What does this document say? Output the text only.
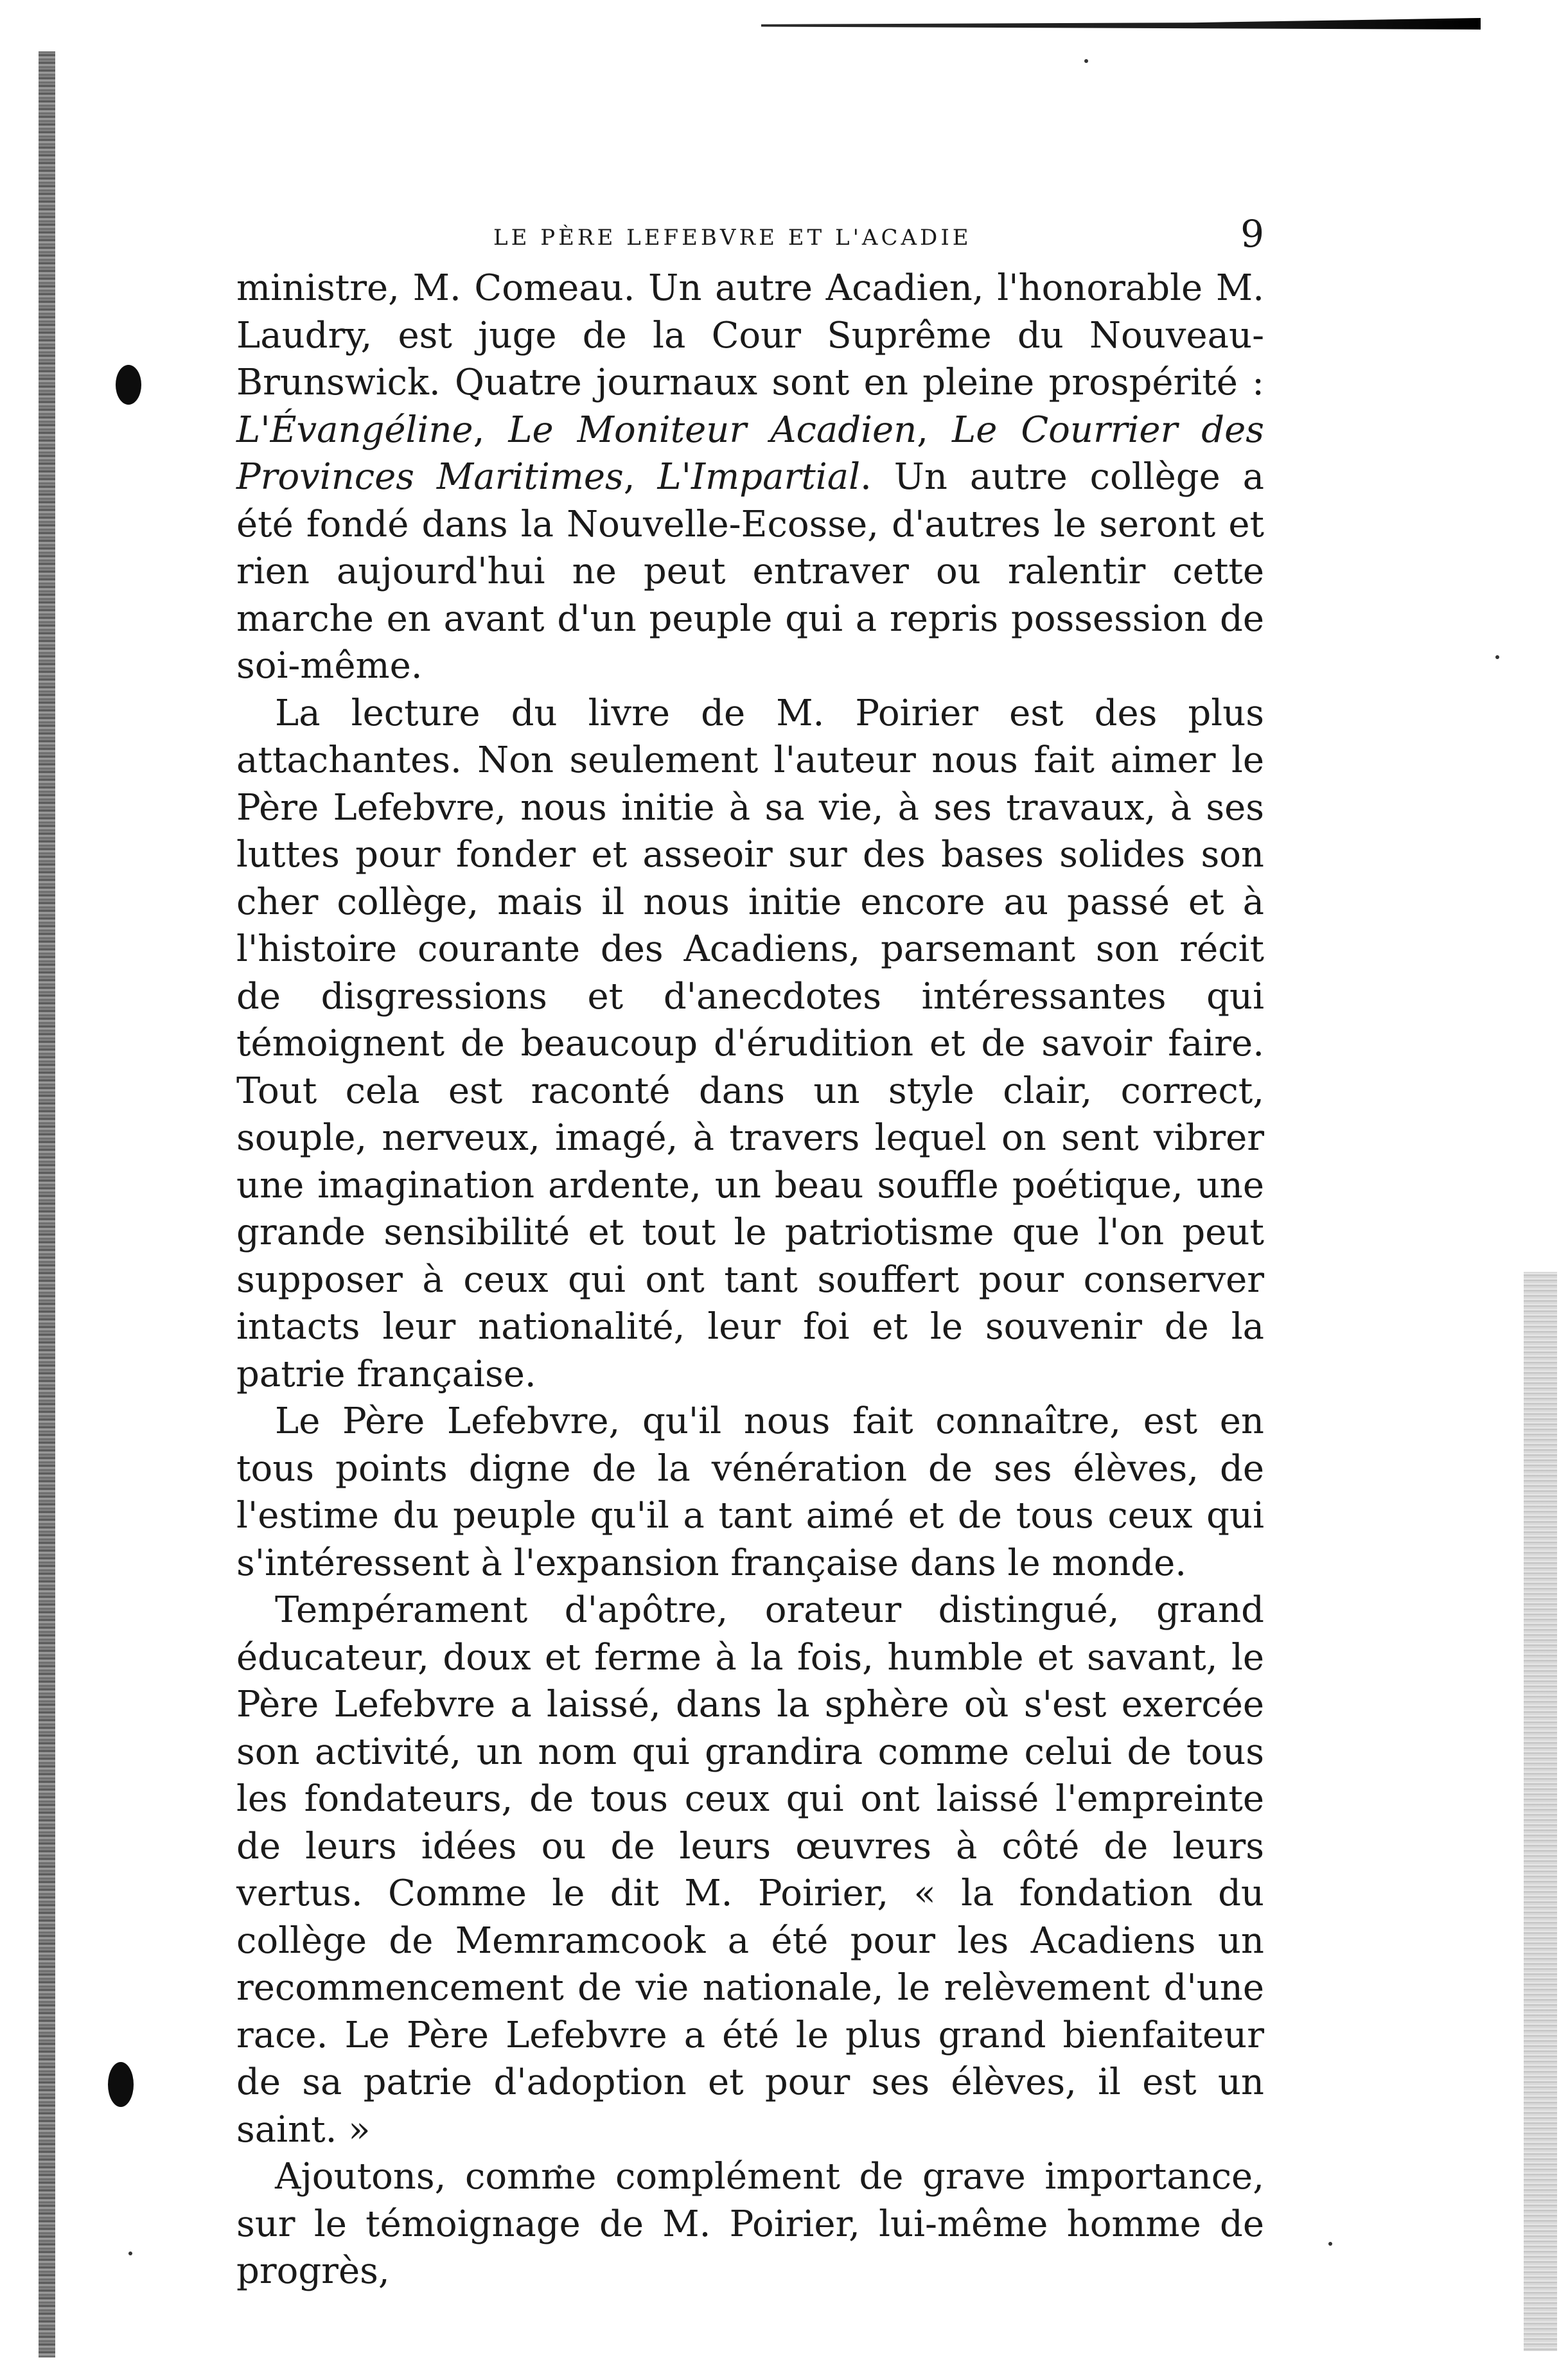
LE PÈRE LEFEBVRE ET L'ACADIE	9

ministre, M. Comeau. Un autre Acadien, l'honorable M. Laudry, est juge de la Cour Suprême du Nouveau-Brunswick. Quatre journaux sont en pleine prospérité : L'Évangéline, Le Moniteur Acadien, Le Courrier des Provinces Maritimes, L'Impartial. Un autre collège a été fondé dans la Nouvelle-Ecosse, d'autres le seront et rien aujourd'hui ne peut entraver ou ralentir cette marche en avant d'un peuple qui a repris possession de soi-même.

La lecture du livre de M. Poirier est des plus attachantes. Non seulement l'auteur nous fait aimer le Père Lefebvre, nous initie à sa vie, à ses travaux, à ses luttes pour fonder et asseoir sur des bases solides son cher collège, mais il nous initie encore au passé et à l'histoire courante des Acadiens, parsemant son récit de disgressions et d'anecdotes intéressantes qui témoignent de beaucoup d'érudition et de savoir faire. Tout cela est raconté dans un style clair, correct, souple, nerveux, imagé, à travers lequel on sent vibrer une imagination ardente, un beau souffle poétique, une grande sensibilité et tout le patriotisme que l'on peut supposer à ceux qui ont tant souffert pour conserver intacts leur nationalité, leur foi et le souvenir de la patrie française.

Le Père Lefebvre, qu'il nous fait connaître, est en tous points digne de la vénération de ses élèves, de l'estime du peuple qu'il a tant aimé et de tous ceux qui s'intéressent à l'expansion française dans le monde.

Tempérament d'apôtre, orateur distingué, grand éducateur, doux et ferme à la fois, humble et savant, le Père Lefebvre a laissé, dans la sphère où s'est exercée son activité, un nom qui grandira comme celui de tous les fondateurs, de tous ceux qui ont laissé l'empreinte de leurs idées ou de leurs œuvres à côté de leurs vertus. Comme le dit M. Poirier, « la fondation du collège de Memramcook a été pour les Acadiens un recommencement de vie nationale, le relèvement d'une race. Le Père Lefebvre a été le plus grand bienfaiteur de sa patrie d'adoption et pour ses élèves, il est un saint. »

Ajoutons, comme complément de grave importance, sur le témoignage de M. Poirier, lui-même homme de progrès,
